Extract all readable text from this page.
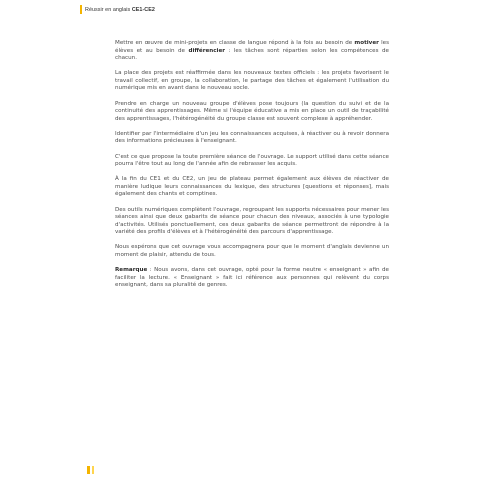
Réussir en anglais CE1-CE2

Mettre en œuvre de mini-projets en classe de langue répond à la fois au besoin de motiver les élèves et au besoin de différencier : les tâches sont réparties selon les compétences de chacun.

La place des projets est réaffirmée dans les nouveaux textes officiels : les projets favorisent le travail collectif, en groupe, la collaboration, le partage des tâches et également l'utilisation du numérique mis en avant dans le nouveau socle.

Prendre en charge un nouveau groupe d'élèves pose toujours (la question du suivi et de la continuité des apprentissages. Même si l'équipe éducative a mis en place un outil de traçabilité des apprentissages, l'hétérogénéité du groupe classe est souvent complexe à appréhender.

Identifier par l'intermédiaire d'un jeu les connaissances acquises, à réactiver ou à revoir donnera des informations précieuses à l'enseignant.

C'est ce que propose la toute première séance de l'ouvrage. Le support utilisé dans cette séance pourra l'être tout au long de l'année afin de rebrasser les acquis.

À la fin du CE1 et du CE2, un jeu de plateau permet également aux élèves de réactiver de manière ludique leurs connaissances du lexique, des structures [questions et réponses], mais également des chants et comptines.

Des outils numériques complètent l'ouvrage, regroupant les supports nécessaires pour mener les séances ainsi que deux gabarits de séance pour chacun des niveaux, associés à une typologie d'activités. Utilisés ponctuellement, ces deux gabarits de séance permettront de répondre à la variété des profils d'élèves et à l'hétérogénéité des parcours d'apprentissage.

Nous espérons que cet ouvrage vous accompagnera pour que le moment d'anglais devienne un moment de plaisir, attendu de tous.

Remarque : Nous avons, dans cet ouvrage, opté pour la forme neutre « enseignant » afin de faciliter la lecture. « Enseignant » fait ici référence aux personnes qui relèvent du corps enseignant, dans sa pluralité de genres.
